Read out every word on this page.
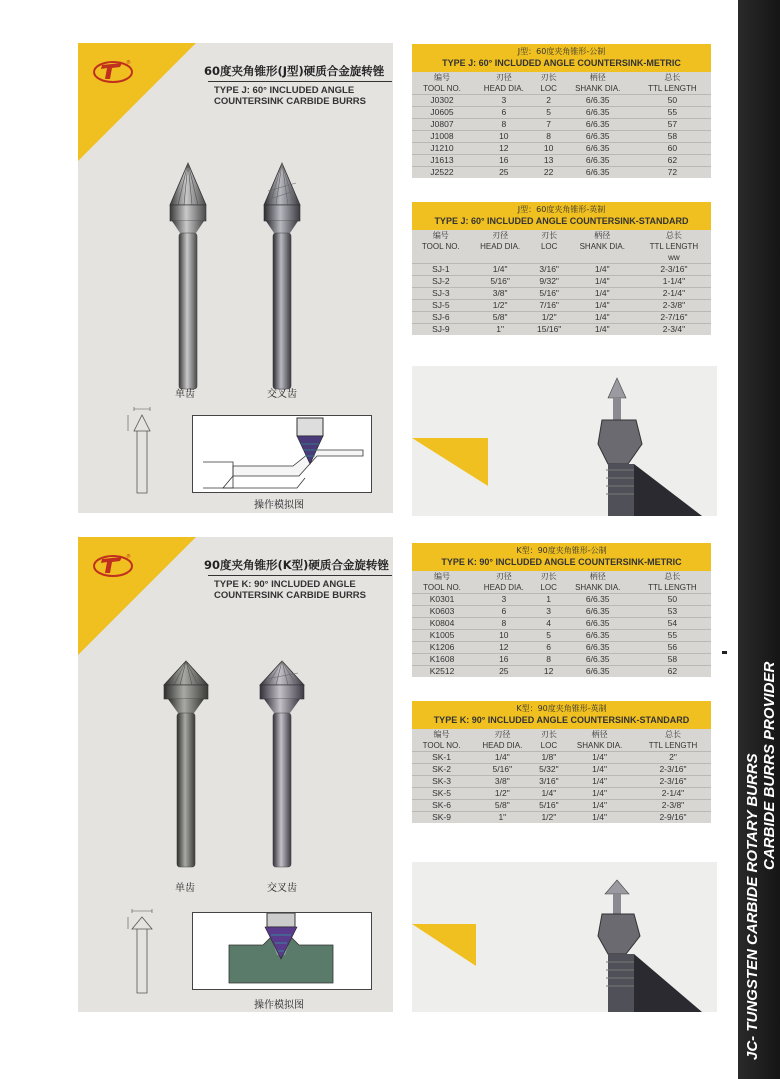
®
60度夹角锥形(J型)硬质合金旋转锉
TYPE J: 60° INCLUDED ANGLE
COUNTERSINK CARBIDE BURRS
单齿	交叉齿
操作模拟图
J型：60度夹角锥形-公制
TYPE J: 60° INCLUDED ANGLE COUNTERSINK-METRIC
编号	刃径	刃长	柄径	总长
TOOL NO.	HEAD DIA.	LOC	SHANK DIA.	TTL LENGTH
J0302	3	2	6/6.35	50
J0605	6	5	6/6.35	55
J0807	8	7	6/6.35	57
J1008	10	8	6/6.35	58
J1210	12	10	6/6.35	60
J1613	16	13	6/6.35	62
J2522	25	22	6/6.35	72
J型：60度夹角锥形-英制
TYPE J: 60° INCLUDED ANGLE COUNTERSINK-STANDARD
编号	刃径	刃长	柄径	总长
TOOL NO.	HEAD DIA.	LOC	SHANK DIA.	TTL LENGTH
				ww
SJ-1	1/4"	3/16"	1/4"	2-3/16"
SJ-2	5/16"	9/32"	1/4"	1-1/4"
SJ-3	3/8"	5/16"	1/4"	2-1/4"
SJ-5	1/2"	7/16"	1/4"	2-3/8"
SJ-6	5/8"	1/2"	1/4"	2-7/16"
SJ-9	1"	15/16"	1/4"	2-3/4"
®
90度夹角锥形(K型)硬质合金旋转锉
TYPE K: 90° INCLUDED ANGLE
COUNTERSINK CARBIDE BURRS
单齿	交叉齿
操作模拟图
K型：90度夹角锥形-公制
TYPE K: 90° INCLUDED ANGLE COUNTERSINK-METRIC
编号	刃径	刃长	柄径	总长
TOOL NO.	HEAD DIA.	LOC	SHANK DIA.	TTL LENGTH
K0301	3	1	6/6.35	50
K0603	6	3	6/6.35	53
K0804	8	4	6/6.35	54
K1005	10	5	6/6.35	55
K1206	12	6	6/6.35	56
K1608	16	8	6/6.35	58
K2512	25	12	6/6.35	62
K型：90度夹角锥形-英制
TYPE K: 90° INCLUDED ANGLE COUNTERSINK-STANDARD
编号	刃径	刃长	柄径	总长
TOOL NO.	HEAD DIA.	LOC	SHANK DIA.	TTL LENGTH
SK-1	1/4"	1/8"	1/4"	2"
SK-2	5/16"	5/32"	1/4"	2-3/16"
SK-3	3/8"	3/16"	1/4"	2-3/16"
SK-5	1/2"	1/4"	1/4"	2-1/4"
SK-6	5/8"	5/16"	1/4"	2-3/8"
SK-9	1"	1/2"	1/4"	2-9/16"	JC- TUNGSTEN CARBIDE ROTARY BURRS CARBIDE BURRS PROVIDER
